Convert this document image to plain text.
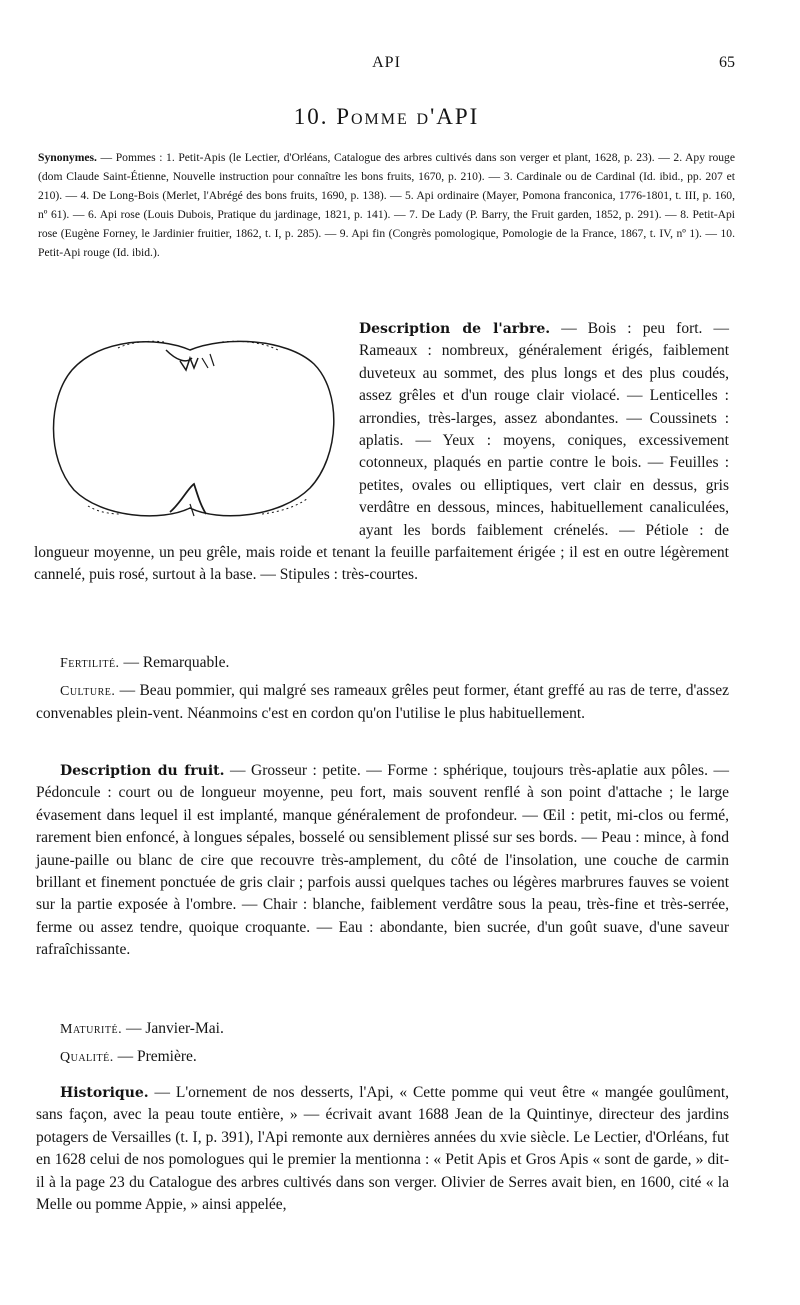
API	65
10. Pomme d'API
Synonymes. — Pommes : 1. Petit-Apis (le Lectier, d'Orléans, Catalogue des arbres cultivés dans son verger et plant, 1628, p. 23). — 2. Apy rouge (dom Claude Saint-Étienne, Nouvelle instruction pour connaître les bons fruits, 1670, p. 210). — 3. Cardinale ou de Cardinal (Id. ibid., pp. 207 et 210). — 4. De Long-Bois (Merlet, l'Abrégé des bons fruits, 1690, p. 138). — 5. Api ordinaire (Mayer, Pomona franconica, 1776-1801, t. III, p. 160, nº 61). — 6. Api rose (Louis Dubois, Pratique du jardinage, 1821, p. 141). — 7. De Lady (P. Barry, the Fruit garden, 1852, p. 291). — 8. Petit-Api rose (Eugène Forney, le Jardinier fruitier, 1862, t. I, p. 285). — 9. Api fin (Congrès pomologique, Pomologie de la France, 1867, t. IV, nº 1). — 10. Petit-Api rouge (Id. ibid.).

Description de l'arbre. — Bois : peu fort. — Rameaux : nombreux, généralement érigés, faiblement duveteux au sommet, des plus longs et des plus coudés, assez grêles et d'un rouge clair violacé. — Lenticelles : arrondies, très-larges, assez abondantes. — Coussinets : aplatis. — Yeux : moyens, coniques, excessivement cotonneux, plaqués en partie contre le bois. — Feuilles : petites, ovales ou elliptiques, vert clair en dessus, gris verdâtre en dessous, minces, habituellement canaliculées, ayant les bords faiblement crénelés. — Pétiole : de longueur moyenne, un peu grêle, mais roide et tenant la feuille parfaitement érigée ; il est en outre légèrement cannelé, puis rosé, surtout à la base. — Stipules : très-courtes.

Fertilité. — Remarquable.

Culture. — Beau pommier, qui malgré ses rameaux grêles peut former, étant greffé au ras de terre, d'assez convenables plein-vent. Néanmoins c'est en cordon qu'on l'utilise le plus habituellement.

Description du fruit. — Grosseur : petite. — Forme : sphérique, toujours très-aplatie aux pôles. — Pédoncule : court ou de longueur moyenne, peu fort, mais souvent renflé à son point d'attache ; le large évasement dans lequel il est implanté, manque généralement de profondeur. — Œil : petit, mi-clos ou fermé, rarement bien enfoncé, à longues sépales, bosselé ou sensiblement plissé sur ses bords. — Peau : mince, à fond jaune-paille ou blanc de cire que recouvre très-amplement, du côté de l'insolation, une couche de carmin brillant et finement ponctuée de gris clair ; parfois aussi quelques taches ou légères marbrures fauves se voient sur la partie exposée à l'ombre. — Chair : blanche, faiblement verdâtre sous la peau, très-fine et très-serrée, ferme ou assez tendre, quoique croquante. — Eau : abondante, bien sucrée, d'un goût suave, d'une saveur rafraîchissante.

Maturité. — Janvier-Mai.

Qualité. — Première.

Historique. — L'ornement de nos desserts, l'Api, « Cette pomme qui veut être « mangée goulûment, sans façon, avec la peau toute entière, » — écrivait avant 1688 Jean de la Quintinye, directeur des jardins potagers de Versailles (t. I, p. 391), l'Api remonte aux dernières années du xvie siècle. Le Lectier, d'Orléans, fut en 1628 celui de nos pomologues qui le premier la mentionna : « Petit Apis et Gros Apis « sont de garde, » dit-il à la page 23 du Catalogue des arbres cultivés dans son verger. Olivier de Serres avait bien, en 1600, cité « la Melle ou pomme Appie, » ainsi appelée,
